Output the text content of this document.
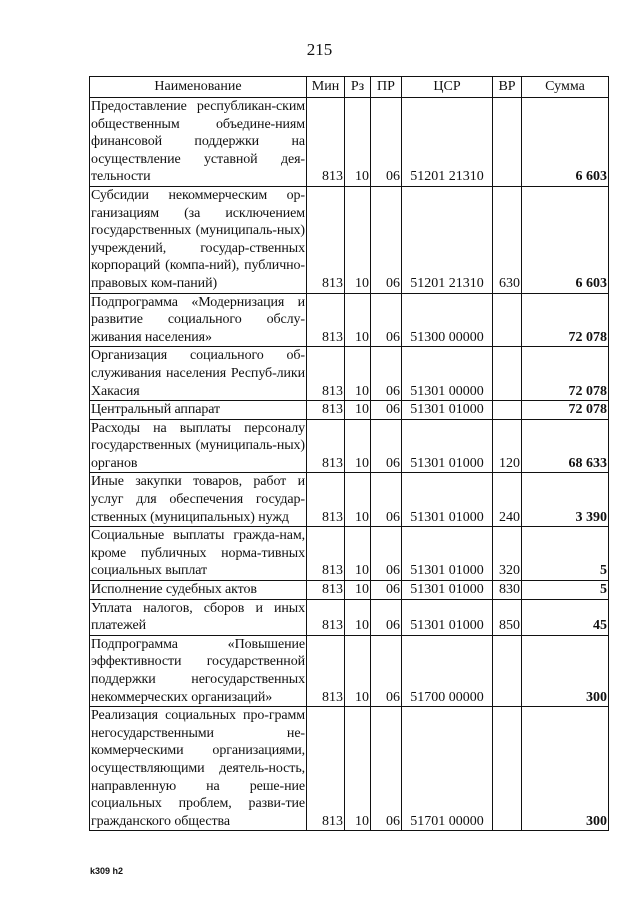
215
Наименование	Мин	Рз	ПР	ЦСР	ВР	Сумма
Предоставление республикан-ским общественным объедине-ниям финансовой поддержки на осуществление уставной дея-тельности	813	10	06	51201 21310		6 603
Субсидии некоммерческим ор-ганизациям (за исключением государственных (муниципаль-ных) учреждений, государ-ственных корпораций (компа-ний), публично-правовых ком-паний)	813	10	06	51201 21310	630	6 603
Подпрограмма «Модернизация и развитие социального обслу-живания населения»	813	10	06	51300 00000		72 078
Организация социального об-служивания населения Респуб-лики Хакасия	813	10	06	51301 00000		72 078
Центральный аппарат	813	10	06	51301 01000		72 078
Расходы на выплаты персоналу государственных (муниципаль-ных) органов	813	10	06	51301 01000	120	68 633
Иные закупки товаров, работ и услуг для обеспечения государ-ственных (муниципальных) нужд	813	10	06	51301 01000	240	3 390
Социальные выплаты гражда-нам, кроме публичных норма-тивных социальных выплат	813	10	06	51301 01000	320	5
Исполнение судебных актов	813	10	06	51301 01000	830	5
Уплата налогов, сборов и иных платежей	813	10	06	51301 01000	850	45
Подпрограмма «Повышение эффективности государственной поддержки негосударственных некоммерческих организаций»	813	10	06	51700 00000		300
Реализация социальных про-грамм негосударственными не-коммерческими организациями, осуществляющими деятель-ность, направленную на реше-ние социальных проблем, разви-тие гражданского общества	813	10	06	51701 00000		300
k309 h2
